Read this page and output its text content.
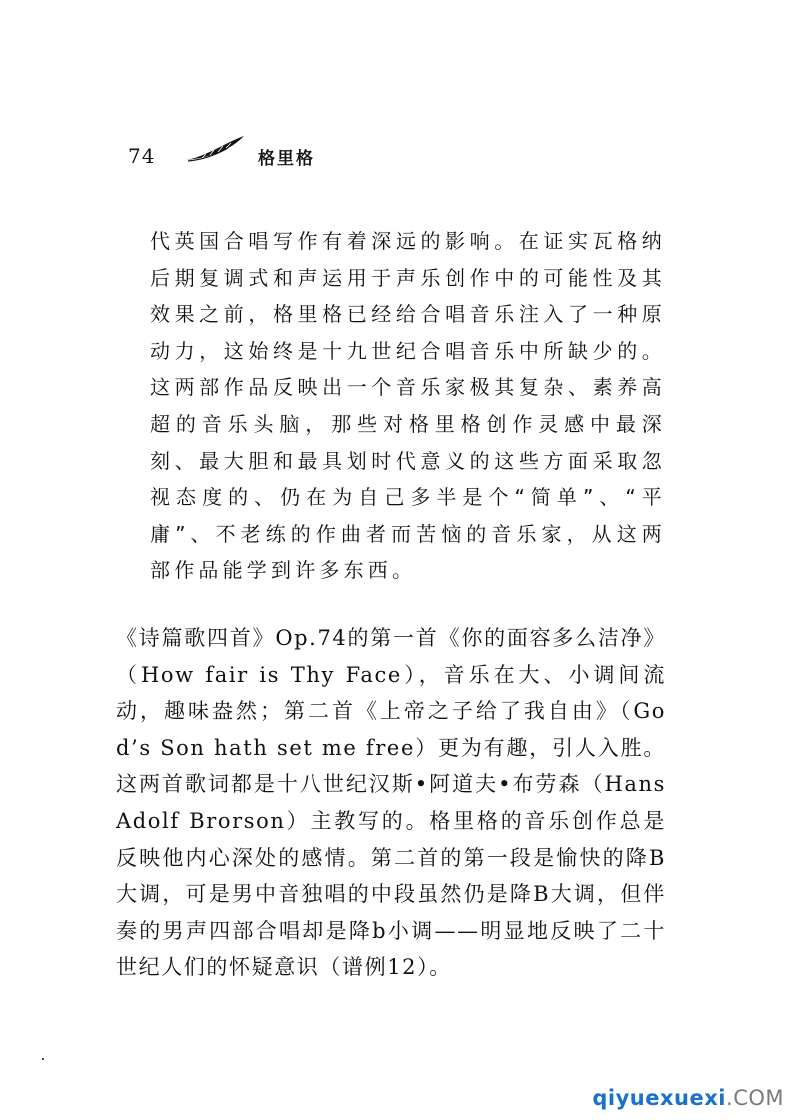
74	格里格
代英国合唱写作有着深远的影响。在证实瓦格纳后期复调式和声运用于声乐创作中的可能性及其效果之前，格里格已经给合唱音乐注入了一种原动力，这始终是十九世纪合唱音乐中所缺少的。这两部作品反映出一个音乐家极其复杂、素养高超的音乐头脑，那些对格里格创作灵感中最深刻、最大胆和最具划时代意义的这些方面采取忽视态度的、仍在为自己多半是个“简单”、“平庸”、不老练的作曲者而苦恼的音乐家，从这两部作品能学到许多东西。
《诗篇歌四首》Op.74的第一首《你的面容多么洁净》（How fair is Thy Face），音乐在大、小调间流动，趣味盎然；第二首《上帝之子给了我自由》（God’s Son hath set me free）更为有趣，引人入胜。这两首歌词都是十八世纪汉斯•阿道夫•布劳森（Hans Adolf Brorson）主教写的。格里格的音乐创作总是反映他内心深处的感情。第二首的第一段是愉快的降B大调，可是男中音独唱的中段虽然仍是降B大调，但伴奏的男声四部合唱却是降b小调——明显地反映了二十世纪人们的怀疑意识（谱例12）。
qiyuexuexi . COM
